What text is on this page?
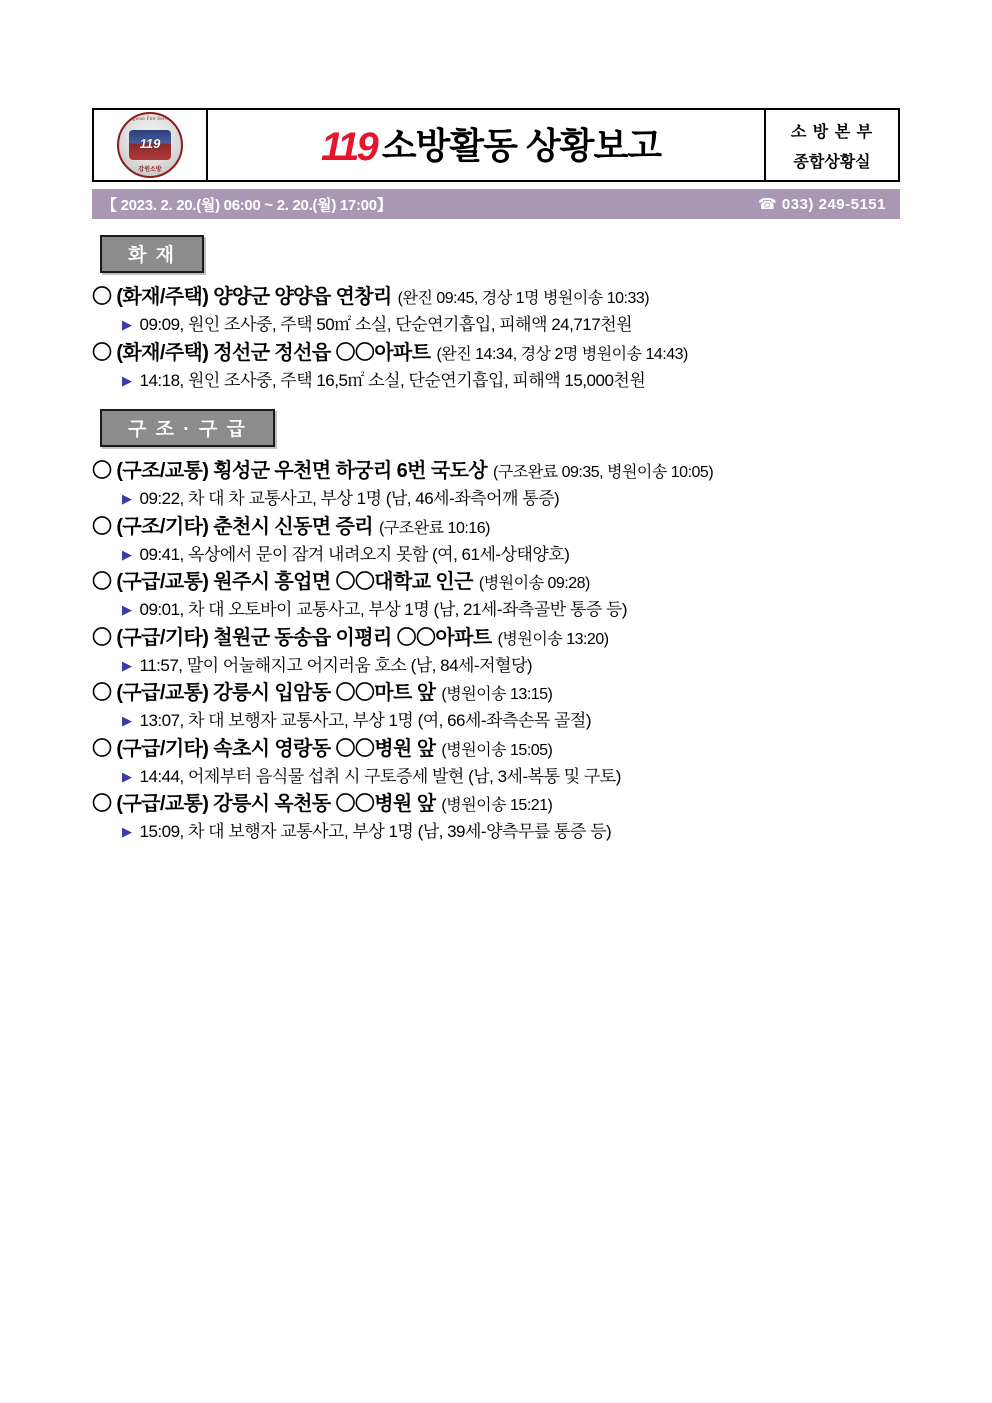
Gangwon Fire Services
119
강원소방
119 소방활동 상황보고	소 방 본 부
종합상황실
【 2023. 2. 20.(월) 06:00 ~ 2. 20.(월) 17:00】	☎ 033) 249-5151
화 재
〇 (화재/주택) 양양군 양양읍 연창리 (완진 09:45, 경상 1명 병원이송 10:33)
▶ 09:09, 원인 조사중, 주택 50㎡ 소실, 단순연기흡입, 피해액 24,717천원
〇 (화재/주택) 정선군 정선읍 〇〇아파트 (완진 14:34, 경상 2명 병원이송 14:43)
▶ 14:18, 원인 조사중, 주택 16,5㎡ 소실, 단순연기흡입, 피해액 15,000천원
구 조 · 구 급
〇 (구조/교통) 횡성군 우천면 하궁리 6번 국도상 (구조완료 09:35, 병원이송 10:05)
▶ 09:22, 차 대 차 교통사고, 부상 1명 (남, 46세-좌측어깨 통증)
〇 (구조/기타) 춘천시 신동면 증리 (구조완료 10:16)
▶ 09:41, 옥상에서 문이 잠겨 내려오지 못함 (여, 61세-상태양호)
〇 (구급/교통) 원주시 흥업면 〇〇대학교 인근 (병원이송 09:28)
▶ 09:01, 차 대 오토바이 교통사고, 부상 1명 (남, 21세-좌측골반 통증 등)
〇 (구급/기타) 철원군 동송읍 이평리 〇〇아파트 (병원이송 13:20)
▶ 11:57, 말이 어눌해지고 어지러움 호소 (남, 84세-저혈당)
〇 (구급/교통) 강릉시 입암동 〇〇마트 앞 (병원이송 13:15)
▶ 13:07, 차 대 보행자 교통사고, 부상 1명 (여, 66세-좌측손목 골절)
〇 (구급/기타) 속초시 영랑동 〇〇병원 앞 (병원이송 15:05)
▶ 14:44, 어제부터 음식물 섭취 시 구토증세 발현 (남, 3세-복통 및 구토)
〇 (구급/교통) 강릉시 옥천동 〇〇병원 앞 (병원이송 15:21)
▶ 15:09, 차 대 보행자 교통사고, 부상 1명 (남, 39세-양측무릎 통증 등)
